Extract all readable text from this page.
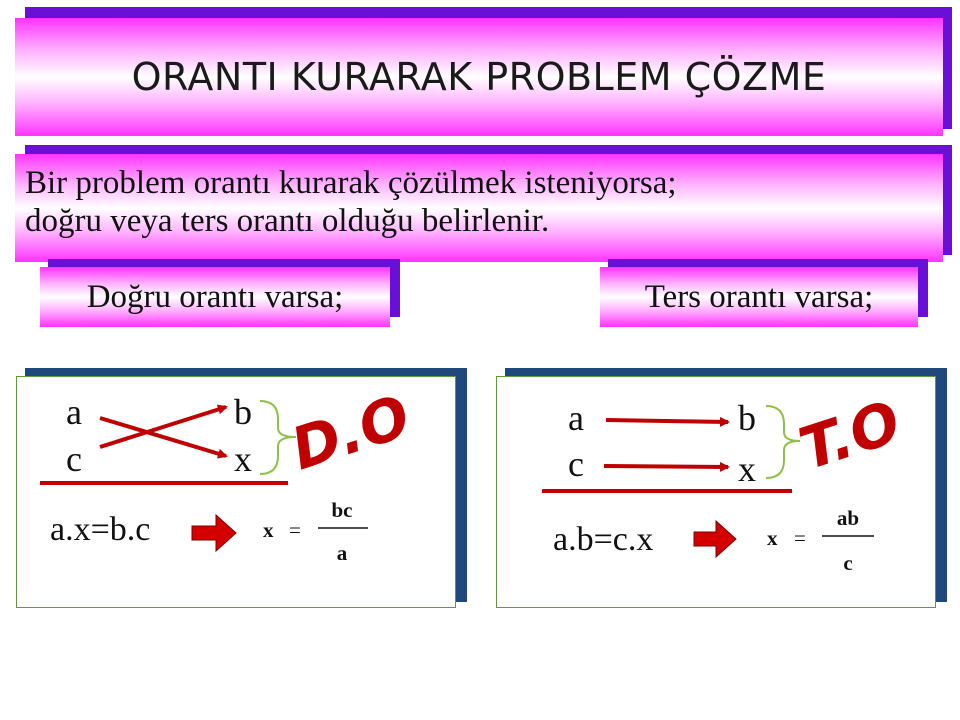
ORANTI KURARAK PROBLEM ÇÖZME
Bir problem orantı kurarak çözülmek isteniyorsa;
doğru veya ters orantı olduğu belirlenir.
Doğru orantı varsa;	Ters orantı varsa;
a	b
c	x D.O
a.x=b.c	x =
bc
a
a	b
c	x T.O
a.b=c.x	x =
ab
c
